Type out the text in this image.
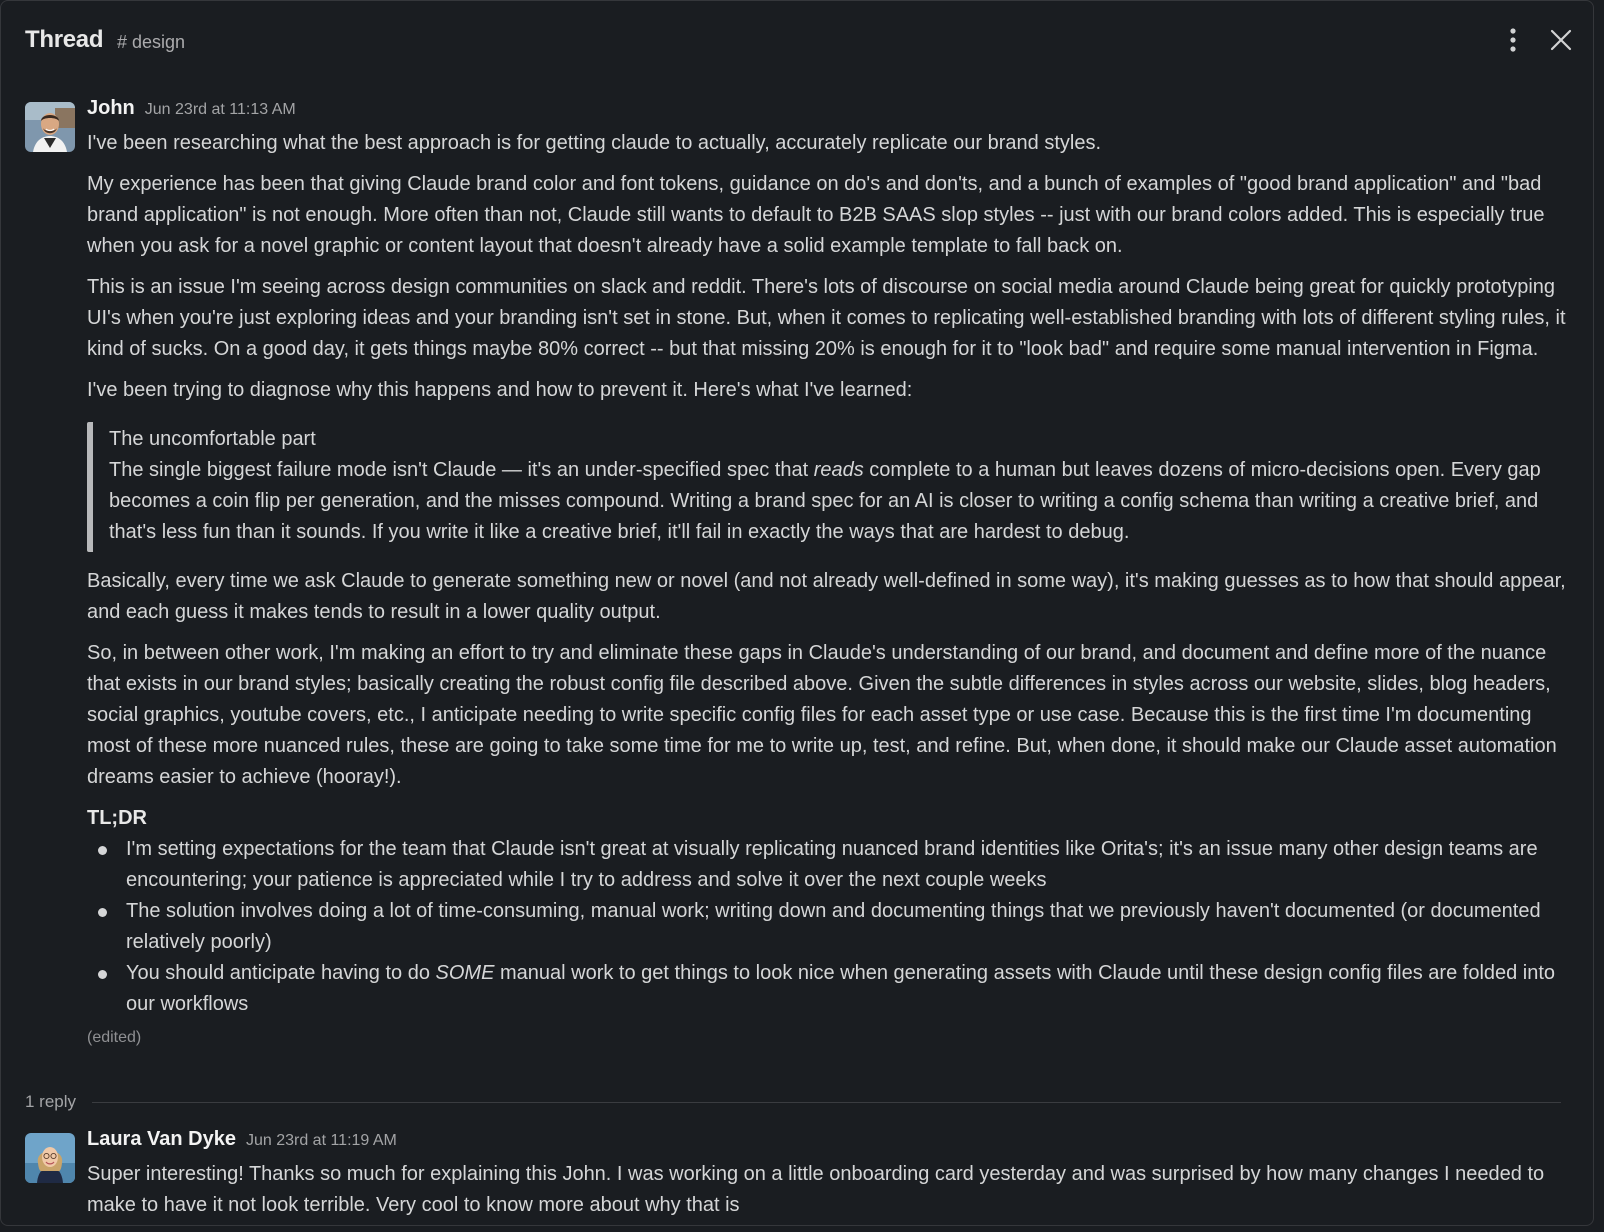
Thread # design
John Jun 23rd at 11:13 AM

I've been researching what the best approach is for getting claude to actually, accurately replicate our brand styles.

My experience has been that giving Claude brand color and font tokens, guidance on do's and don'ts, and a bunch of examples of "good brand application" and "bad brand application" is not enough. More often than not, Claude still wants to default to B2B SAAS slop styles -- just with our brand colors added. This is especially true when you ask for a novel graphic or content layout that doesn't already have a solid example template to fall back on.

This is an issue I'm seeing across design communities on slack and reddit. There's lots of discourse on social media around Claude being great for quickly prototyping UI's when you're just exploring ideas and your branding isn't set in stone. But, when it comes to replicating well-established branding with lots of different styling rules, it kind of sucks. On a good day, it gets things maybe 80% correct -- but that missing 20% is enough for it to "look bad" and require some manual intervention in Figma.

I've been trying to diagnose why this happens and how to prevent it. Here's what I've learned:

The uncomfortable part
The single biggest failure mode isn't Claude — it's an under-specified spec that reads complete to a human but leaves dozens of micro-decisions open. Every gap becomes a coin flip per generation, and the misses compound. Writing a brand spec for an AI is closer to writing a config schema than writing a creative brief, and that's less fun than it sounds. If you write it like a creative brief, it'll fail in exactly the ways that are hardest to debug.

Basically, every time we ask Claude to generate something new or novel (and not already well-defined in some way), it's making guesses as to how that should appear, and each guess it makes tends to result in a lower quality output.

So, in between other work, I'm making an effort to try and eliminate these gaps in Claude's understanding of our brand, and document and define more of the nuance that exists in our brand styles; basically creating the robust config file described above. Given the subtle differences in styles across our website, slides, blog headers, social graphics, youtube covers, etc., I anticipate needing to write specific config files for each asset type or use case. Because this is the first time I'm documenting most of these more nuanced rules, these are going to take some time for me to write up, test, and refine. But, when done, it should make our Claude asset automation dreams easier to achieve (hooray!).

TL;DR
I'm setting expectations for the team that Claude isn't great at visually replicating nuanced brand identities like Orita's; it's an issue many other design teams are encountering; your patience is appreciated while I try to address and solve it over the next couple weeks
The solution involves doing a lot of time-consuming, manual work; writing down and documenting things that we previously haven't documented (or documented relatively poorly)
You should anticipate having to do SOME manual work to get things to look nice when generating assets with Claude until these design config files are folded into our workflows
(edited)
1 reply
Laura Van Dyke Jun 23rd at 11:19 AM

Super interesting! Thanks so much for explaining this John. I was working on a little onboarding card yesterday and was surprised by how many changes I needed to make to have it not look terrible. Very cool to know more about why that is
